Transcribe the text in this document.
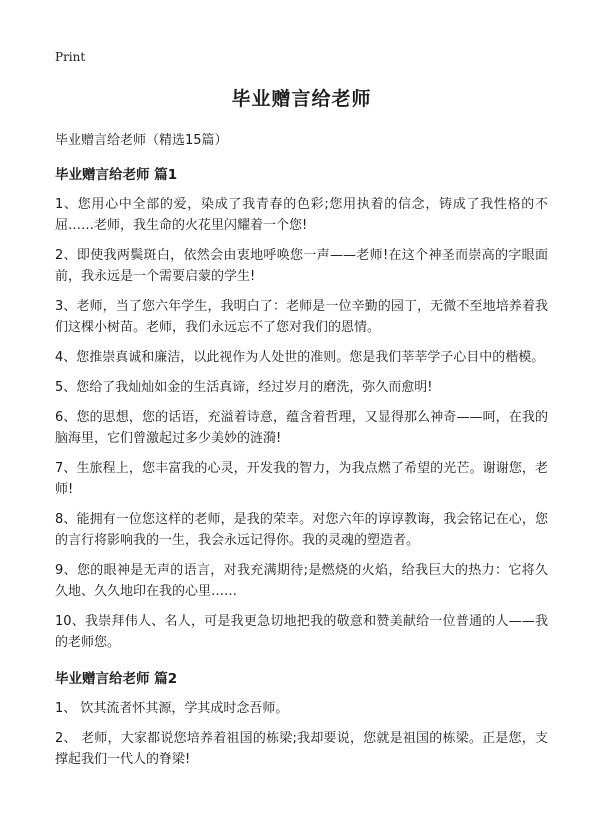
Print
毕业赠言给老师
毕业赠言给老师（精选15篇）
毕业赠言给老师 篇1

1、您用心中全部的爱，染成了我青春的色彩;您用执着的信念，铸成了我性格的不屈……老师，我生命的火花里闪耀着一个您!

2、即使我两鬓斑白，依然会由衷地呼唤您一声——老师!在这个神圣而崇高的字眼面前，我永远是一个需要启蒙的学生!

3、老师，当了您六年学生，我明白了：老师是一位辛勤的园丁，无微不至地培养着我们这棵小树苗。老师，我们永远忘不了您对我们的恩情。

4、您推崇真诚和廉洁，以此视作为人处世的准则。您是我们莘莘学子心目中的楷模。

5、您给了我灿灿如金的生活真谛，经过岁月的磨洗，弥久而愈明!

6、您的思想，您的话语，充溢着诗意，蕴含着哲理，又显得那么神奇——呵，在我的脑海里，它们曾激起过多少美妙的涟漪!

7、生旅程上，您丰富我的心灵，开发我的智力，为我点燃了希望的光芒。谢谢您，老师!

8、能拥有一位您这样的老师，是我的荣幸。对您六年的谆谆教诲，我会铭记在心，您的言行将影响我的一生，我会永远记得你。我的灵魂的塑造者。

9、您的眼神是无声的语言，对我充满期待;是燃烧的火焰，给我巨大的热力：它将久久地、久久地印在我的心里……

10、我崇拜伟人、名人，可是我更急切地把我的敬意和赞美献给一位普通的人——我的老师您。

毕业赠言给老师 篇2

1、 饮其流者怀其源，学其成时念吾师。

2、 老师，大家都说您培养着祖国的栋梁;我却要说，您就是祖国的栋梁。正是您，支撑起我们一代人的脊梁!
